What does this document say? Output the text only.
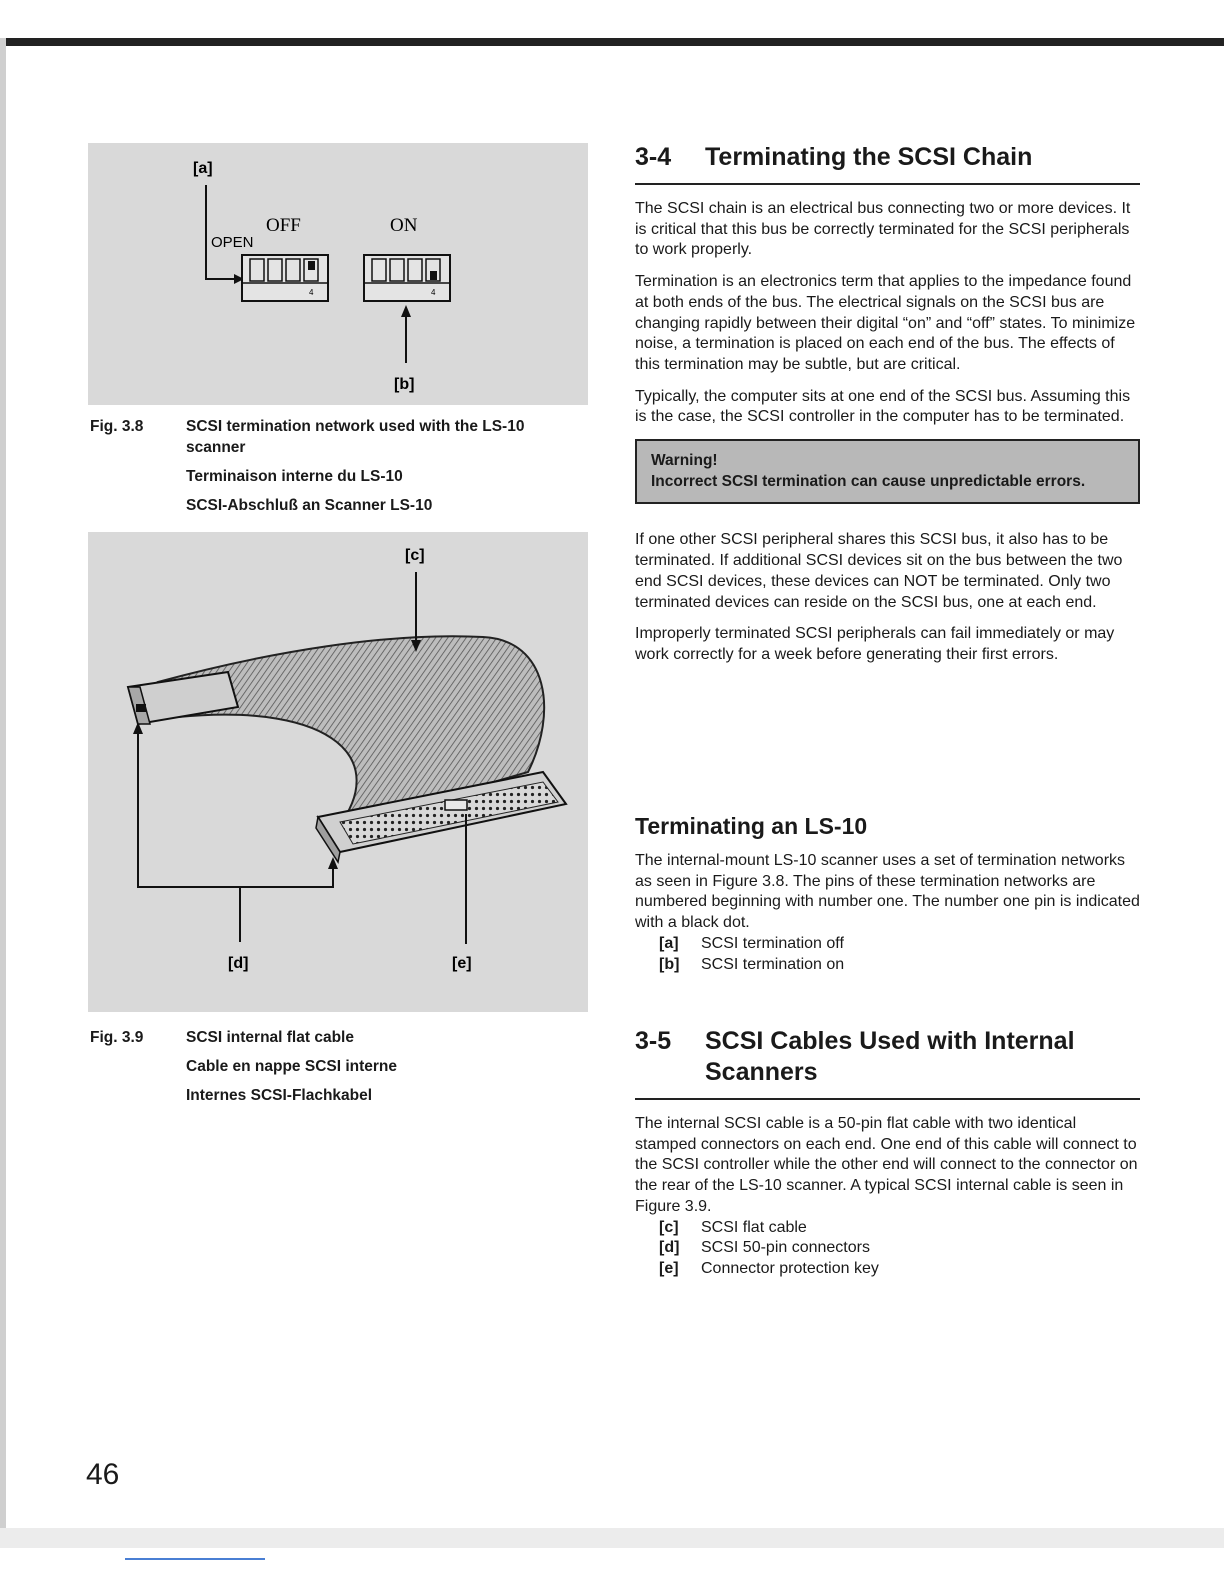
[a]
OPEN
OFF	ON
4	4
[b]
Fig. 3.8	SCSI termination network used with the LS-10 scanner
Terminaison interne du LS-10
SCSI-Abschluß an Scanner LS-10
[c]
[d]	[e]
Fig. 3.9	SCSI internal flat cable
Cable en nappe SCSI interne
Internes SCSI-Flachkabel
46
3-4 Terminating the SCSI Chain

The SCSI chain is an electrical bus connecting two or more devices. It is critical that this bus be correctly terminated for the SCSI peripherals to work properly.

Termination is an electronics term that applies to the impedance found at both ends of the bus. The electrical signals on the SCSI bus are changing rapidly between their digital “on” and “off” states. To minimize noise, a termination is placed on each end of the bus. The effects of this termination may be subtle, but are critical.

Typically, the computer sits at one end of the SCSI bus. Assuming this is the case, the SCSI controller in the computer has to be terminated.

Warning!
Incorrect SCSI termination can cause unpredictable errors.

If one other SCSI peripheral shares this SCSI bus, it also has to be terminated. If additional SCSI devices sit on the bus between the two end SCSI devices, these devices can NOT be terminated. Only two terminated devices can reside on the SCSI bus, one at each end.

Improperly terminated SCSI peripherals can fail immediately or may work correctly for a week before generating their first errors.

Terminating an LS-10

The internal-mount LS-10 scanner uses a set of termination networks as seen in Figure 3.8. The pins of these termination networks are numbered beginning with number one. The number one pin is indicated with a black dot.

[a] SCSI termination off
[b] SCSI termination on
3-5 SCSI Cables Used with Internal Scanners

The internal SCSI cable is a 50-pin flat cable with two identical stamped connectors on each end. One end of this cable will connect to the SCSI controller while the other end will connect to the connector on the rear of the LS-10 scanner. A typical SCSI internal cable is seen in Figure 3.9.

[c] SCSI flat cable
[d] SCSI 50-pin connectors
[e] Connector protection key
